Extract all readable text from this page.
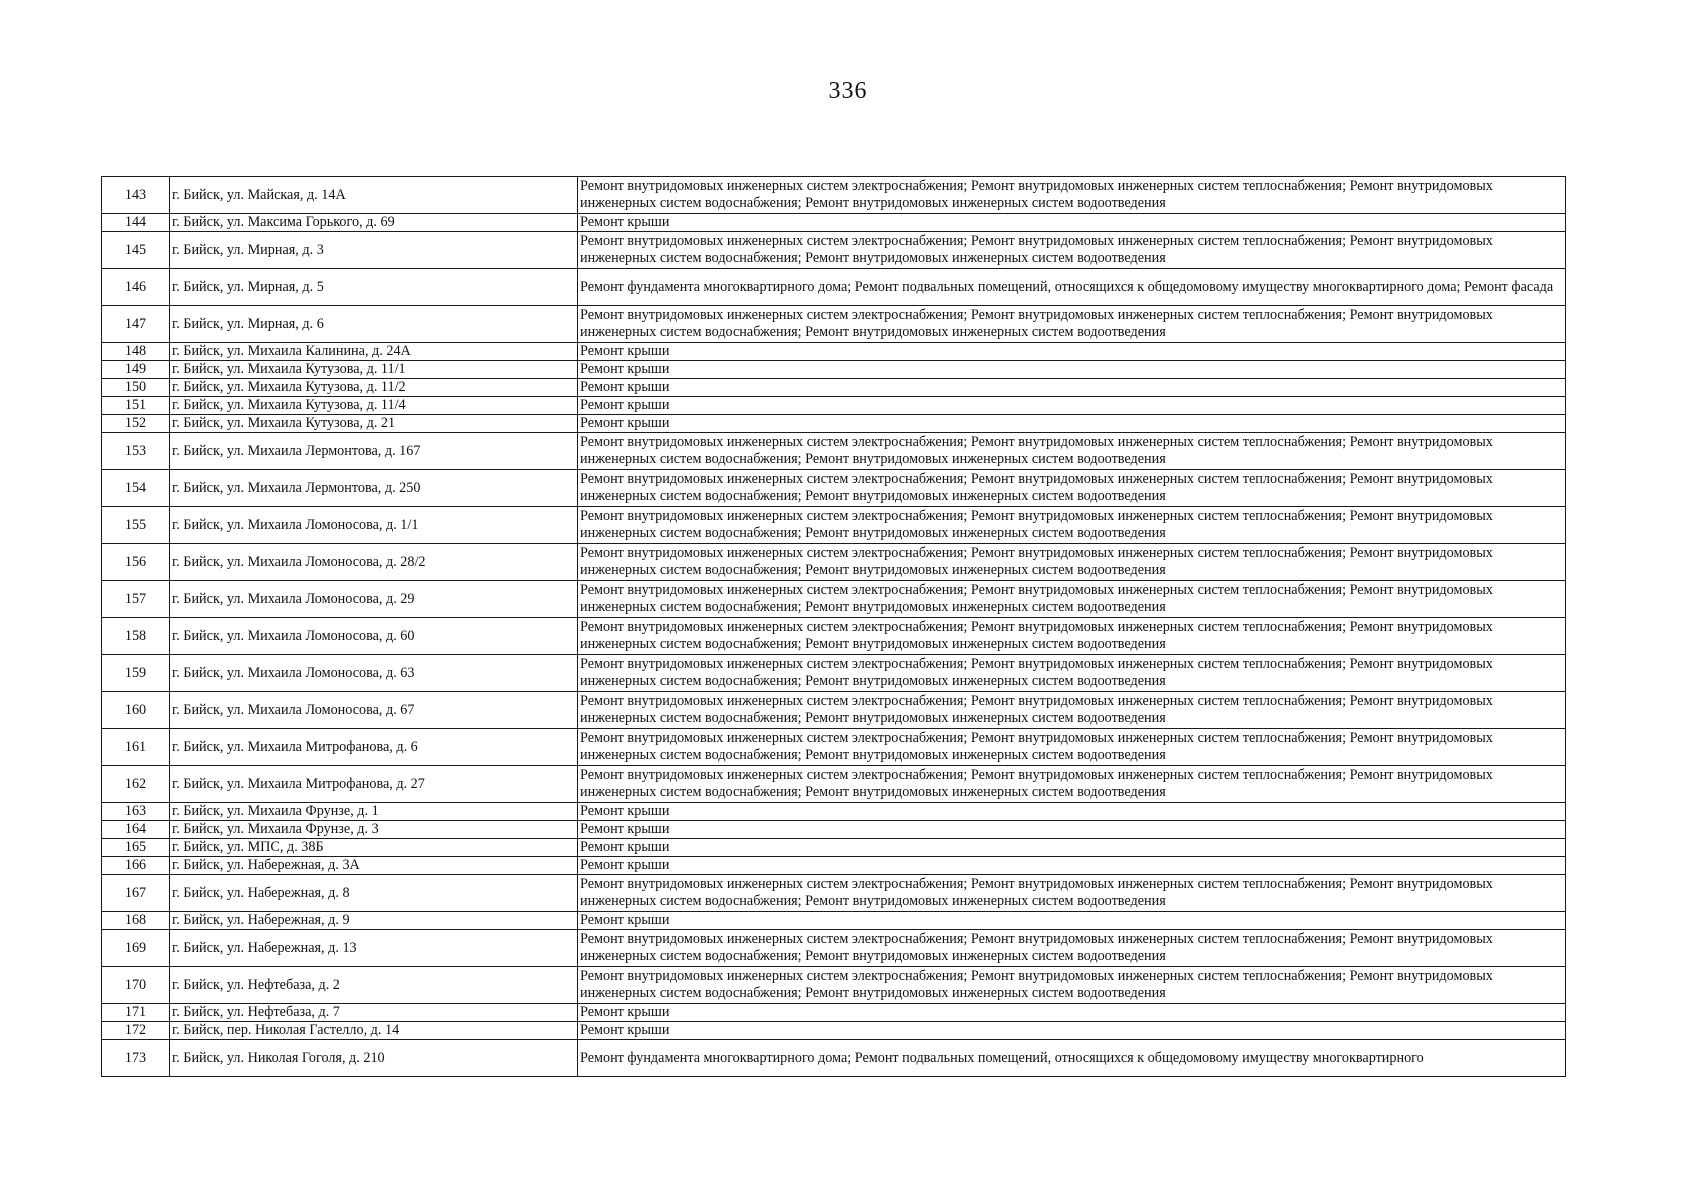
336
143	г. Бийск, ул. Майская, д. 14А	Ремонт внутридомовых инженерных систем электроснабжения; Ремонт внутридомовых инженерных систем теплоснабжения; Ремонт внутридомовых инженерных систем водоснабжения; Ремонт внутридомовых инженерных систем водоотведения
144	г. Бийск, ул. Максима Горького, д. 69	Ремонт крыши
145	г. Бийск, ул. Мирная, д. 3	Ремонт внутридомовых инженерных систем электроснабжения; Ремонт внутридомовых инженерных систем теплоснабжения; Ремонт внутридомовых инженерных систем водоснабжения; Ремонт внутридомовых инженерных систем водоотведения
146	г. Бийск, ул. Мирная, д. 5	Ремонт фундамента многоквартирного дома; Ремонт подвальных помещений, относящихся к общедомовому имуществу многоквартирного дома; Ремонт фасада
147	г. Бийск, ул. Мирная, д. 6	Ремонт внутридомовых инженерных систем электроснабжения; Ремонт внутридомовых инженерных систем теплоснабжения; Ремонт внутридомовых инженерных систем водоснабжения; Ремонт внутридомовых инженерных систем водоотведения
148	г. Бийск, ул. Михаила Калинина, д. 24А	Ремонт крыши
149	г. Бийск, ул. Михаила Кутузова, д. 11/1	Ремонт крыши
150	г. Бийск, ул. Михаила Кутузова, д. 11/2	Ремонт крыши
151	г. Бийск, ул. Михаила Кутузова, д. 11/4	Ремонт крыши
152	г. Бийск, ул. Михаила Кутузова, д. 21	Ремонт крыши
153	г. Бийск, ул. Михаила Лермонтова, д. 167	Ремонт внутридомовых инженерных систем электроснабжения; Ремонт внутридомовых инженерных систем теплоснабжения; Ремонт внутридомовых инженерных систем водоснабжения; Ремонт внутридомовых инженерных систем водоотведения
154	г. Бийск, ул. Михаила Лермонтова, д. 250	Ремонт внутридомовых инженерных систем электроснабжения; Ремонт внутридомовых инженерных систем теплоснабжения; Ремонт внутридомовых инженерных систем водоснабжения; Ремонт внутридомовых инженерных систем водоотведения
155	г. Бийск, ул. Михаила Ломоносова, д. 1/1	Ремонт внутридомовых инженерных систем электроснабжения; Ремонт внутридомовых инженерных систем теплоснабжения; Ремонт внутридомовых инженерных систем водоснабжения; Ремонт внутридомовых инженерных систем водоотведения
156	г. Бийск, ул. Михаила Ломоносова, д. 28/2	Ремонт внутридомовых инженерных систем электроснабжения; Ремонт внутридомовых инженерных систем теплоснабжения; Ремонт внутридомовых инженерных систем водоснабжения; Ремонт внутридомовых инженерных систем водоотведения
157	г. Бийск, ул. Михаила Ломоносова, д. 29	Ремонт внутридомовых инженерных систем электроснабжения; Ремонт внутридомовых инженерных систем теплоснабжения; Ремонт внутридомовых инженерных систем водоснабжения; Ремонт внутридомовых инженерных систем водоотведения
158	г. Бийск, ул. Михаила Ломоносова, д. 60	Ремонт внутридомовых инженерных систем электроснабжения; Ремонт внутридомовых инженерных систем теплоснабжения; Ремонт внутридомовых инженерных систем водоснабжения; Ремонт внутридомовых инженерных систем водоотведения
159	г. Бийск, ул. Михаила Ломоносова, д. 63	Ремонт внутридомовых инженерных систем электроснабжения; Ремонт внутридомовых инженерных систем теплоснабжения; Ремонт внутридомовых инженерных систем водоснабжения; Ремонт внутридомовых инженерных систем водоотведения
160	г. Бийск, ул. Михаила Ломоносова, д. 67	Ремонт внутридомовых инженерных систем электроснабжения; Ремонт внутридомовых инженерных систем теплоснабжения; Ремонт внутридомовых инженерных систем водоснабжения; Ремонт внутридомовых инженерных систем водоотведения
161	г. Бийск, ул. Михаила Митрофанова, д. 6	Ремонт внутридомовых инженерных систем электроснабжения; Ремонт внутридомовых инженерных систем теплоснабжения; Ремонт внутридомовых инженерных систем водоснабжения; Ремонт внутридомовых инженерных систем водоотведения
162	г. Бийск, ул. Михаила Митрофанова, д. 27	Ремонт внутридомовых инженерных систем электроснабжения; Ремонт внутридомовых инженерных систем теплоснабжения; Ремонт внутридомовых инженерных систем водоснабжения; Ремонт внутридомовых инженерных систем водоотведения
163	г. Бийск, ул. Михаила Фрунзе, д. 1	Ремонт крыши
164	г. Бийск, ул. Михаила Фрунзе, д. 3	Ремонт крыши
165	г. Бийск, ул. МПС, д. 38Б	Ремонт крыши
166	г. Бийск, ул. Набережная, д. 3А	Ремонт крыши
167	г. Бийск, ул. Набережная, д. 8	Ремонт внутридомовых инженерных систем электроснабжения; Ремонт внутридомовых инженерных систем теплоснабжения; Ремонт внутридомовых инженерных систем водоснабжения; Ремонт внутридомовых инженерных систем водоотведения
168	г. Бийск, ул. Набережная, д. 9	Ремонт крыши
169	г. Бийск, ул. Набережная, д. 13	Ремонт внутридомовых инженерных систем электроснабжения; Ремонт внутридомовых инженерных систем теплоснабжения; Ремонт внутридомовых инженерных систем водоснабжения; Ремонт внутридомовых инженерных систем водоотведения
170	г. Бийск, ул. Нефтебаза, д. 2	Ремонт внутридомовых инженерных систем электроснабжения; Ремонт внутридомовых инженерных систем теплоснабжения; Ремонт внутридомовых инженерных систем водоснабжения; Ремонт внутридомовых инженерных систем водоотведения
171	г. Бийск, ул. Нефтебаза, д. 7	Ремонт крыши
172	г. Бийск, пер. Николая Гастелло, д. 14	Ремонт крыши
173	г. Бийск, ул. Николая Гоголя, д. 210	Ремонт фундамента многоквартирного дома; Ремонт подвальных помещений, относящихся к общедомовому имуществу многоквартирного
